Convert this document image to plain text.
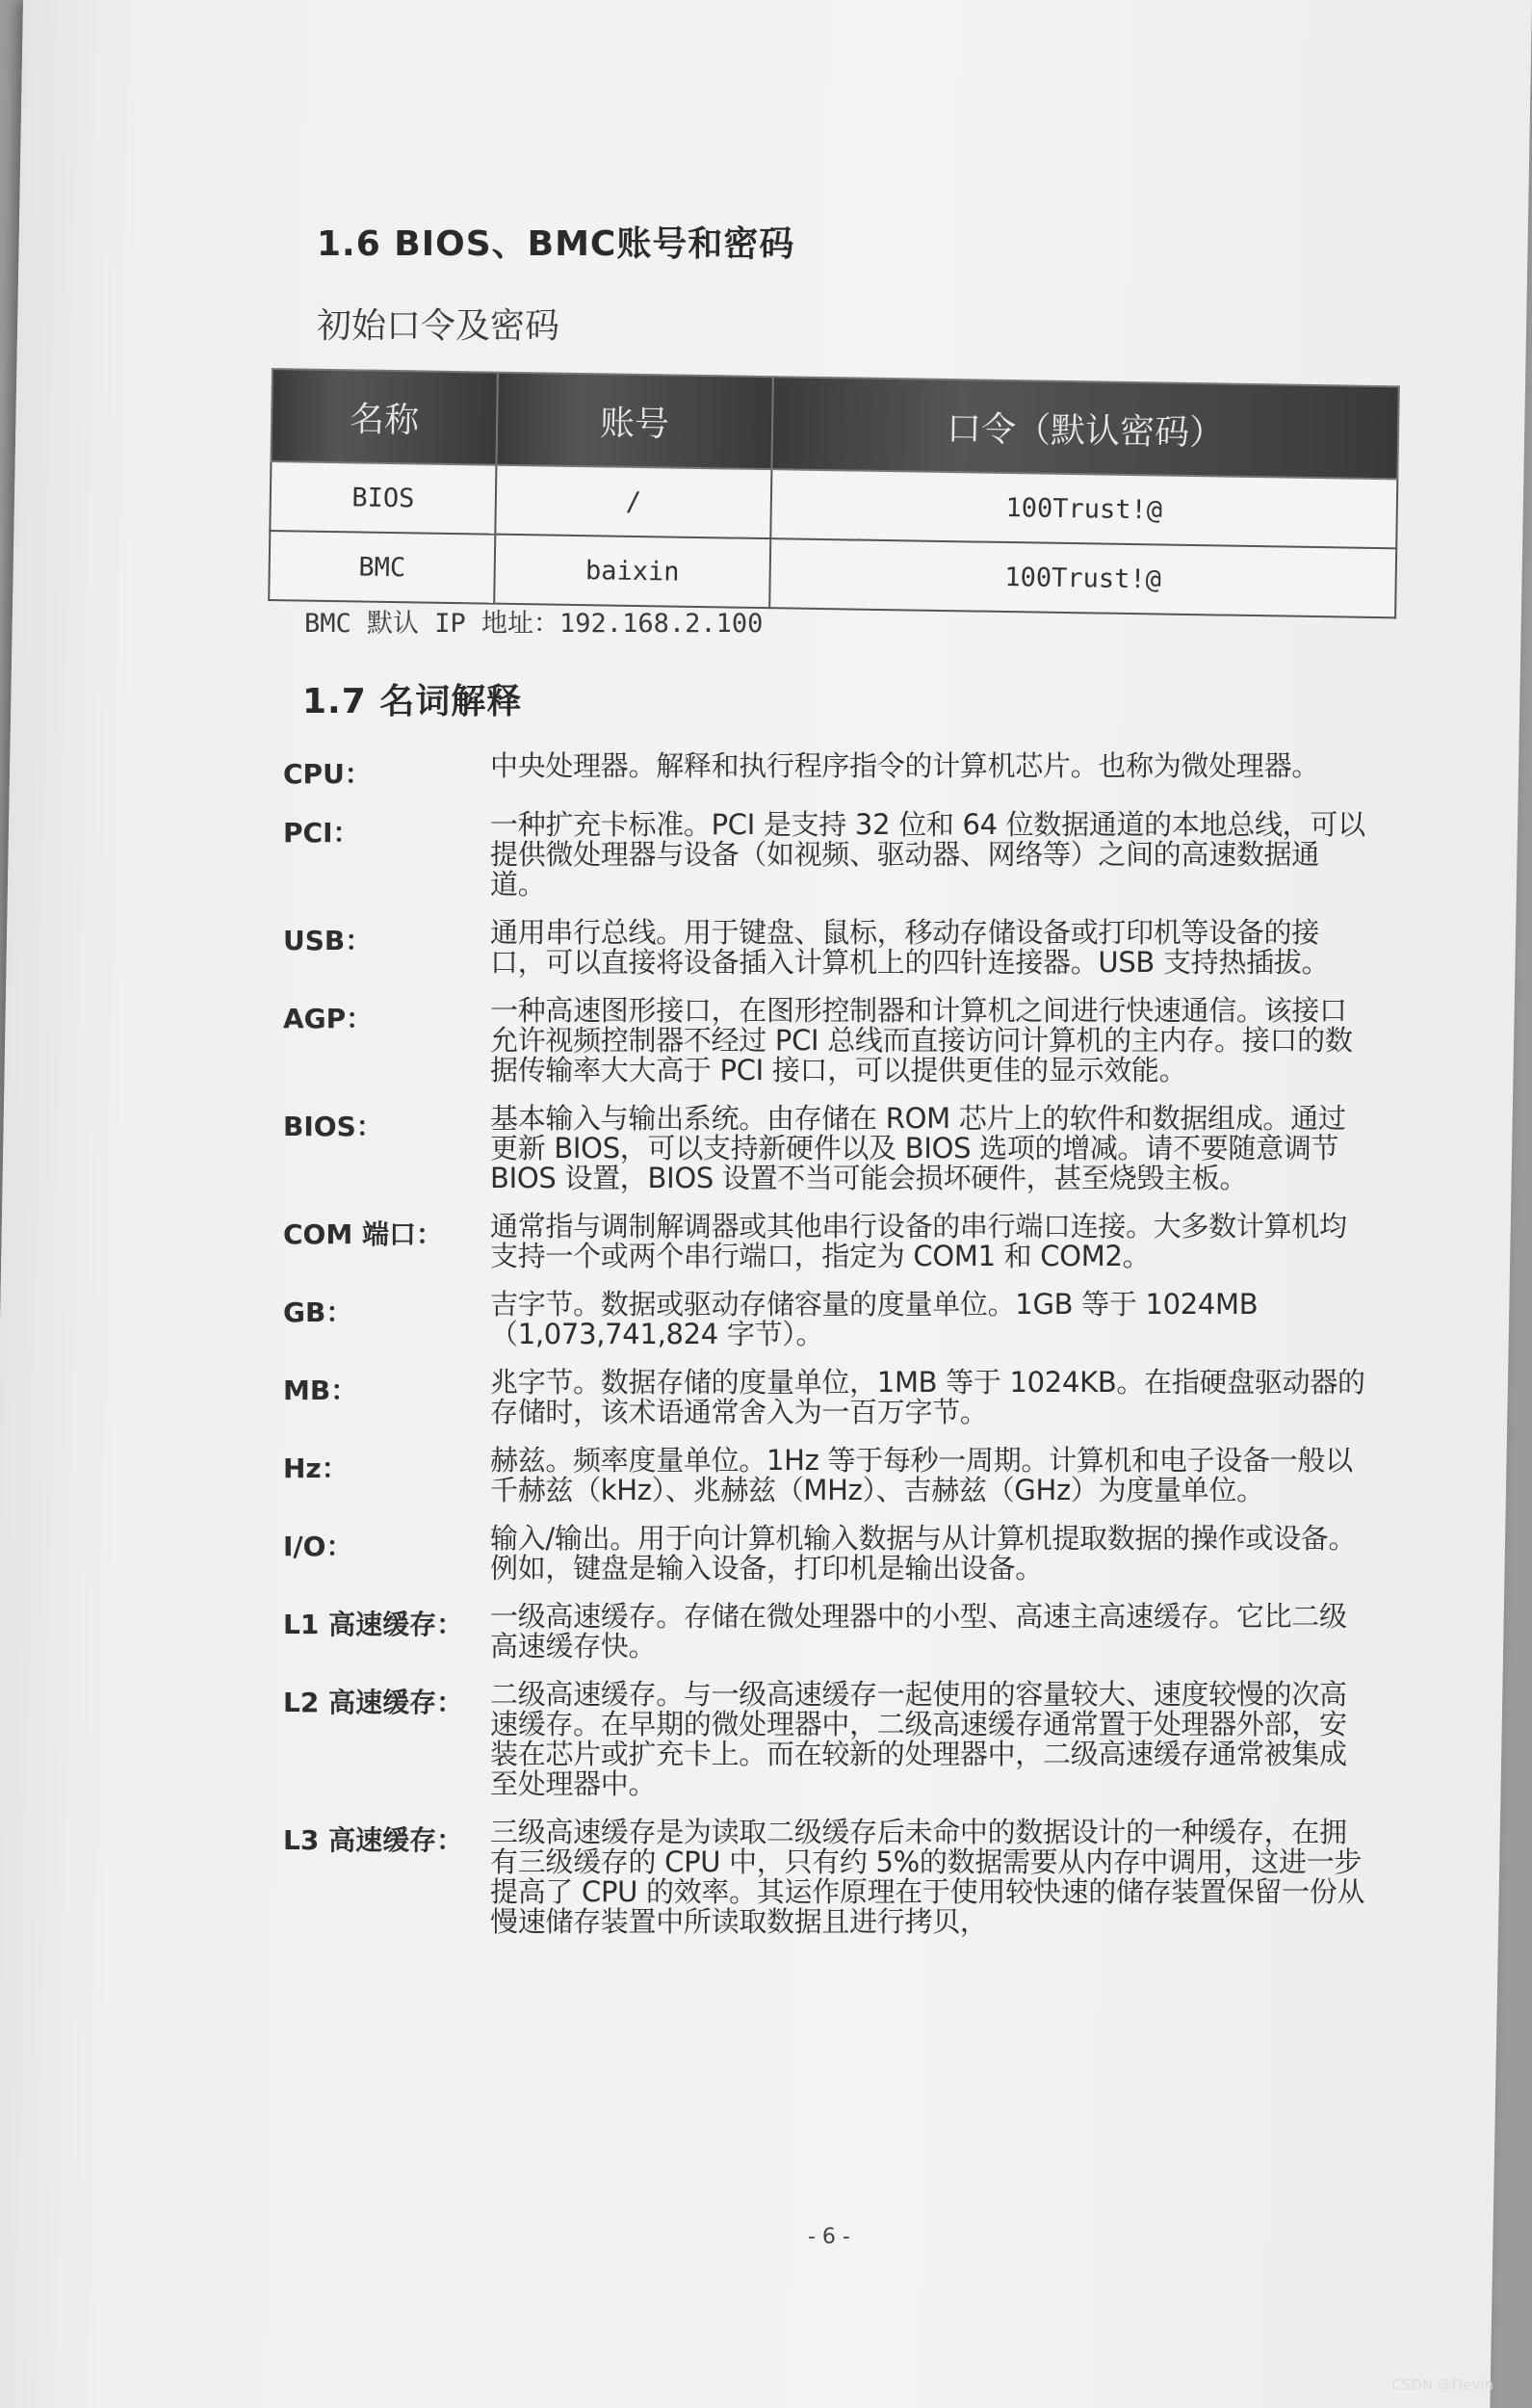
1.6 BIOS、BMC账号和密码
初始口令及密码
名称	账号	口令（默认密码）
BIOS	/	100Trust!@
BMC	baixin	100Trust!@
BMC 默认 IP 地址：192.168.2.100
1.7 名词解释
CPU：	中央处理器。解释和执行程序指令的计算机芯片。也称为微处理器。
PCI：	一种扩充卡标准。PCI 是支持 32 位和 64 位数据通道的本地总线，可以提供微处理器与设备（如视频、驱动器、网络等）之间的高速数据通道。
USB：	通用串行总线。用于键盘、鼠标，移动存储设备或打印机等设备的接口，可以直接将设备插入计算机上的四针连接器。USB 支持热插拔。
AGP：	一种高速图形接口，在图形控制器和计算机之间进行快速通信。该接口允许视频控制器不经过 PCI 总线而直接访问计算机的主内存。接口的数据传输率大大高于 PCI 接口，可以提供更佳的显示效能。
BIOS：	基本输入与输出系统。由存储在 ROM 芯片上的软件和数据组成。通过更新 BIOS，可以支持新硬件以及 BIOS 选项的增减。请不要随意调节 BIOS 设置，BIOS 设置不当可能会损坏硬件，甚至烧毁主板。
COM 端口：	通常指与调制解调器或其他串行设备的串行端口连接。大多数计算机均支持一个或两个串行端口，指定为 COM1 和 COM2。
GB：	吉字节。数据或驱动存储容量的度量单位。1GB 等于 1024MB（1,073,741,824 字节）。
MB：	兆字节。数据存储的度量单位，1MB 等于 1024KB。在指硬盘驱动器的存储时，该术语通常舍入为一百万字节。
Hz：	赫兹。频率度量单位。1Hz 等于每秒一周期。计算机和电子设备一般以千赫兹（kHz）、兆赫兹（MHz）、吉赫兹（GHz）为度量单位。
I/O：	输入/输出。用于向计算机输入数据与从计算机提取数据的操作或设备。例如，键盘是输入设备，打印机是输出设备。
L1 高速缓存： 一级高速缓存。存储在微处理器中的小型、高速主高速缓存。它比二级高速缓存快。
L2 高速缓存： 二级高速缓存。与一级高速缓存一起使用的容量较大、速度较慢的次高速缓存。在早期的微处理器中，二级高速缓存通常置于处理器外部，安装在芯片或扩充卡上。而在较新的处理器中，二级高速缓存通常被集成至处理器中。
L3 高速缓存： 三级高速缓存是为读取二级缓存后未命中的数据设计的一种缓存，在拥有三级缓存的 CPU 中，只有约 5%的数据需要从内存中调用，这进一步提高了 CPU 的效率。其运作原理在于使用较快速的储存装置保留一份从慢速储存装置中所读取数据且进行拷贝，
- 6 -
CSDN @Devin
